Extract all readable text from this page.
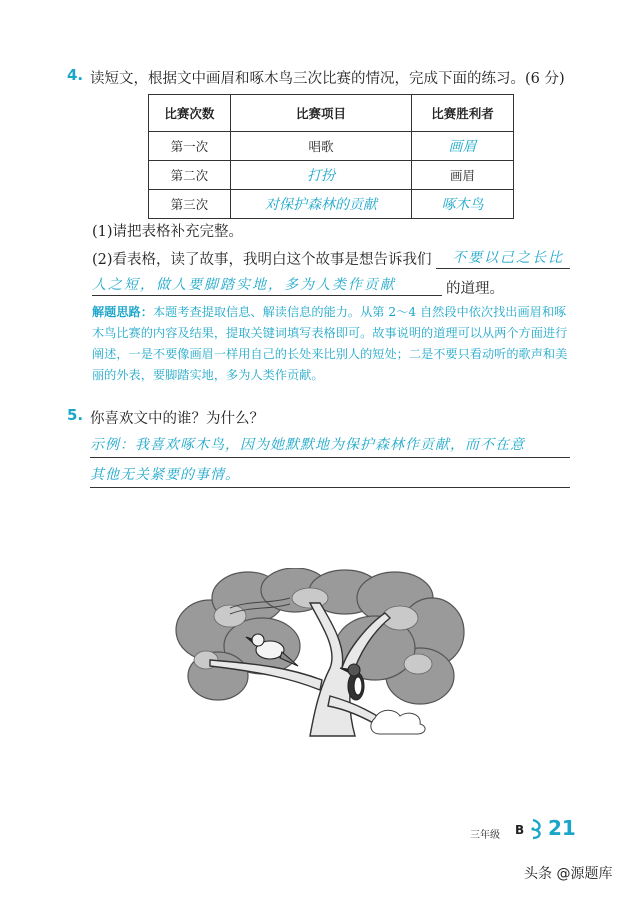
4. 读短文，根据文中画眉和啄木鸟三次比赛的情况，完成下面的练习。(6 分)
比赛次数	比赛项目	比赛胜利者
第一次	唱歌	画眉
第二次	打扮	画眉
第三次	对保护森林的贡献	啄木鸟
(1)请把表格补充完整。
(2)看表格，读了故事，我明白这个故事是想告诉我们 不要以己之长比
人之短，做人要脚踏实地，多为人类作贡献	的道理。
解题思路：本题考查提取信息、解读信息的能力。从第 2～4 自然段中依次找出画眉和啄木鸟比赛的内容及结果，提取关键词填写表格即可。故事说明的道理可以从两个方面进行阐述，一是不要像画眉一样用自己的长处来比别人的短处；二是不要只看动听的歌声和美丽的外表，要脚踏实地，多为人类作贡献。
5. 你喜欢文中的谁？为什么？
示例：我喜欢啄木鸟，因为她默默地为保护森林作贡献，而不在意
其他无关紧要的事情。
三年级 B 21
头条 @源题库
